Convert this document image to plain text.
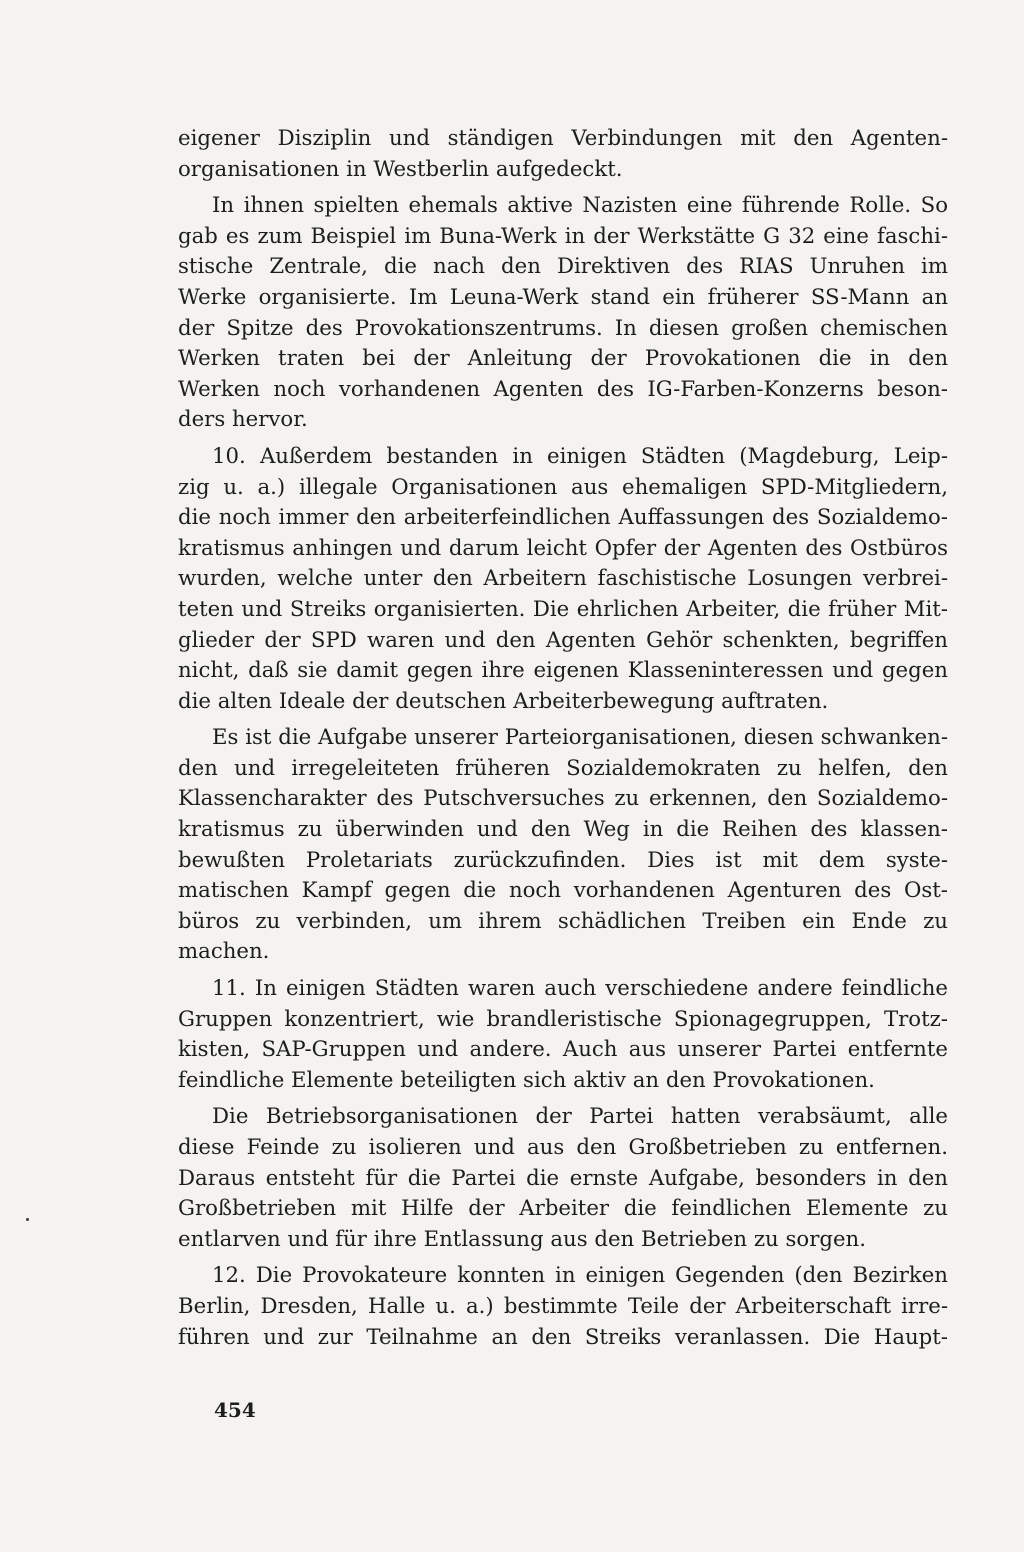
eigener Disziplin und ständigen Verbindungen mit den Agenten-
organisationen in Westberlin aufgedeckt.
In ihnen spielten ehemals aktive Nazisten eine führende Rolle. So
gab es zum Beispiel im Buna-Werk in der Werkstätte G 32 eine faschi-
stische Zentrale, die nach den Direktiven des RIAS Unruhen im
Werke organisierte. Im Leuna-Werk stand ein früherer SS-Mann an
der Spitze des Provokationszentrums. In diesen großen chemischen
Werken traten bei der Anleitung der Provokationen die in den
Werken noch vorhandenen Agenten des IG-Farben-Konzerns beson-
ders hervor.
10. Außerdem bestanden in einigen Städten (Magdeburg, Leip-
zig u. a.) illegale Organisationen aus ehemaligen SPD-Mitgliedern,
die noch immer den arbeiterfeindlichen Auffassungen des Sozialdemo-
kratismus anhingen und darum leicht Opfer der Agenten des Ostbüros
wurden, welche unter den Arbeitern faschistische Losungen verbrei-
teten und Streiks organisierten. Die ehrlichen Arbeiter, die früher Mit-
glieder der SPD waren und den Agenten Gehör schenkten, begriffen
nicht, daß sie damit gegen ihre eigenen Klasseninteressen und gegen
die alten Ideale der deutschen Arbeiterbewegung auftraten.
Es ist die Aufgabe unserer Parteiorganisationen, diesen schwanken-
den und irregeleiteten früheren Sozialdemokraten zu helfen, den
Klassencharakter des Putschversuches zu erkennen, den Sozialdemo-
kratismus zu überwinden und den Weg in die Reihen des klassen-
bewußten Proletariats zurückzufinden. Dies ist mit dem syste-
matischen Kampf gegen die noch vorhandenen Agenturen des Ost-
büros zu verbinden, um ihrem schädlichen Treiben ein Ende zu
machen.
11. In einigen Städten waren auch verschiedene andere feindliche
Gruppen konzentriert, wie brandleristische Spionagegruppen, Trotz-
kisten, SAP-Gruppen und andere. Auch aus unserer Partei entfernte
feindliche Elemente beteiligten sich aktiv an den Provokationen.
Die Betriebsorganisationen der Partei hatten verabsäumt, alle
diese Feinde zu isolieren und aus den Großbetrieben zu entfernen.
Daraus entsteht für die Partei die ernste Aufgabe, besonders in den
Großbetrieben mit Hilfe der Arbeiter die feindlichen Elemente zu
entlarven und für ihre Entlassung aus den Betrieben zu sorgen.
12. Die Provokateure konnten in einigen Gegenden (den Bezirken
Berlin, Dresden, Halle u. a.) bestimmte Teile der Arbeiterschaft irre-
führen und zur Teilnahme an den Streiks veranlassen. Die Haupt-
454
